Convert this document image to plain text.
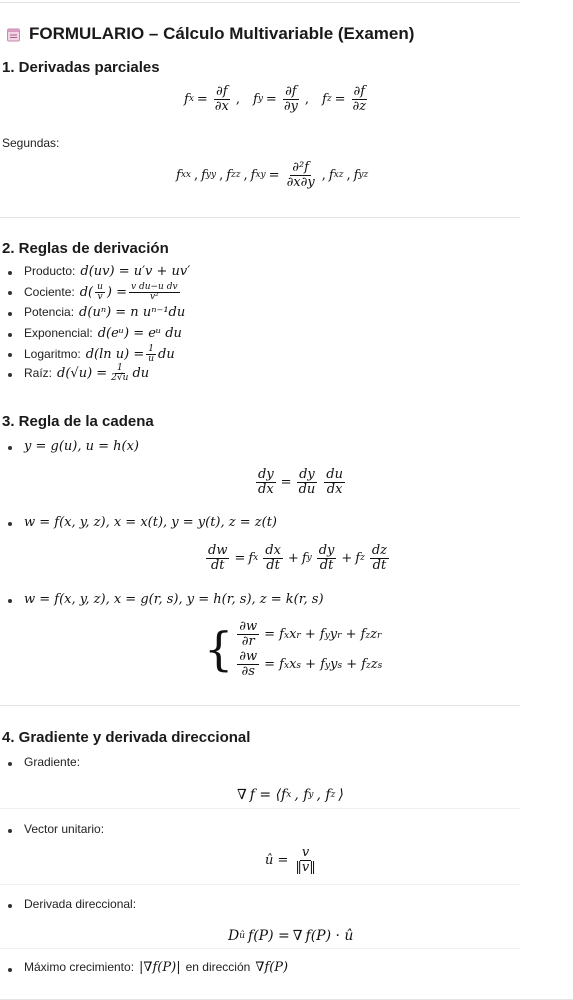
FORMULARIO – Cálculo Multivariable (Examen)
1. Derivadas parciales
f $x = \frac{\partial f}{\partial x}$ , f $y = \frac{\partial f}{\partial y}$ , f $z = \frac{\partial f}{\partial z}$
Segundas:
f xx , f yy , f zz , f xy = $\frac{\text{∂²f}}{\partial x\partial y}$ , f xz , f yz
2. Reglas de derivación
Producto: d(uv) = u′v + uv′
Cociente: $d( \frac{u}{v}$ ) = $\frac{\text{v du−u dv}}{\text{v²}}$
Potencia: d(uⁿ) = n uⁿ⁻¹du
Exponencial: d(eᵘ) = eᵘ du
Logaritmo: d(ln $u) = \frac{1}{u}$ du
Raíz: $d(√u) = \frac{1}{2√u}$ du
3. Regla de la cadena
y = g(u), u = h(x)
$\frac{dy}{dx} = \frac{dy}{du} \frac{du}{dx}$
w = f(x, y, z), x = x(t), y = y(t), z = z(t)
$\frac{dw}{dt} = f$ x $\frac{dx}{dt} + f$ y $\frac{dy}{dt} + f$ z $\frac{dz}{dt}$
w = f(x, y, z), x = g(r, s), y = h(r, s), z = k(r, s)
{ $\frac{\partial w}{\partial r}$ = fxxr + fyyr + fzzr
$\frac{\partial w}{\partial s}$ = fxxs + fyys + fzzs
4. Gradiente y derivada direccional
Gradiente:
∇ f = ⟨f x , f y , f z ⟩
Vector unitario:
û = $\frac{v}{‖v‖}$
Derivada direccional:
D û f(P) = ∇ f(P) · û
Máximo crecimiento: |∇f(P)| en dirección ∇f(P)
